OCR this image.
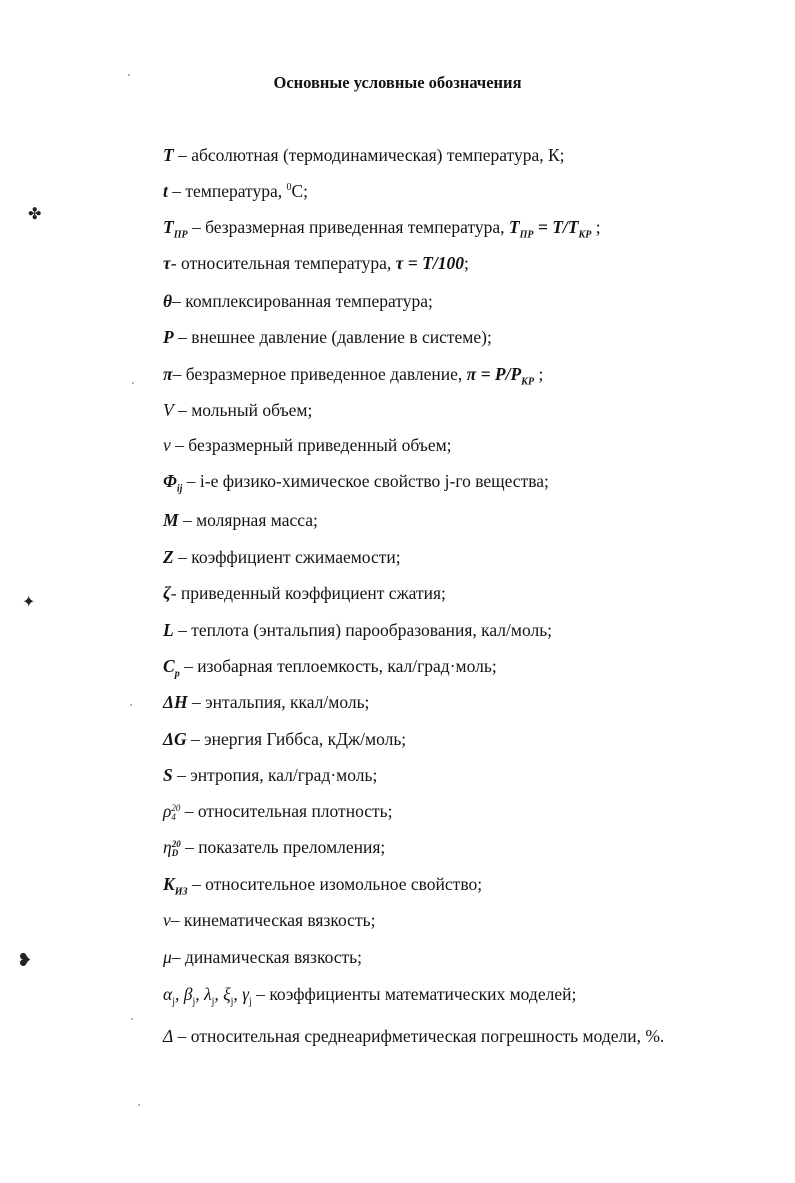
Основные условные обозначения
T – абсолютная (термодинамическая) температура, К;
t – температура, $^0$С;
$T_{ПР}$ – безразмерная приведенная температура, $T_{ПР} = T/T_{КР}$ ;
τ- относительная температура, τ = T/100;
θ– комплексированная температура;
P – внешнее давление (давление в системе);
π– безразмерное приведенное давление, $\pi = P/P_{КР}$ ;
V – мольный объем;
ν – безразмерный приведенный объем;
$\Phi_{ij} - i-е$ физико-химическое свойство j-го вещества;
M – молярная масса;
Z – коэффициент сжимаемости;
ζ- приведенный коэффициент сжатия;
L – теплота (энтальпия) парообразования, кал/моль;
$C_p$ – изобарная теплоемкость, кал/град·моль;
ΔH – энтальпия, ккал/моль;
ΔG – энергия Гиббса, кДж/моль;
S – энтропия, кал/град·моль;
ρ 20
4 – относительная плотность;
η 20
D – показатель преломления;
$K_{ИЗ}$ – относительное изомольное свойство;
ν– кинематическая вязкость;
μ– динамическая вязкость;
$\alpha_j$, $\beta_j$, $\lambda_j$, $\xi_j$, $\gamma_j$ – коэффициенты математических моделей;
Δ – относительная среднеарифметическая погрешность модели, %.
✤
✦
❥
